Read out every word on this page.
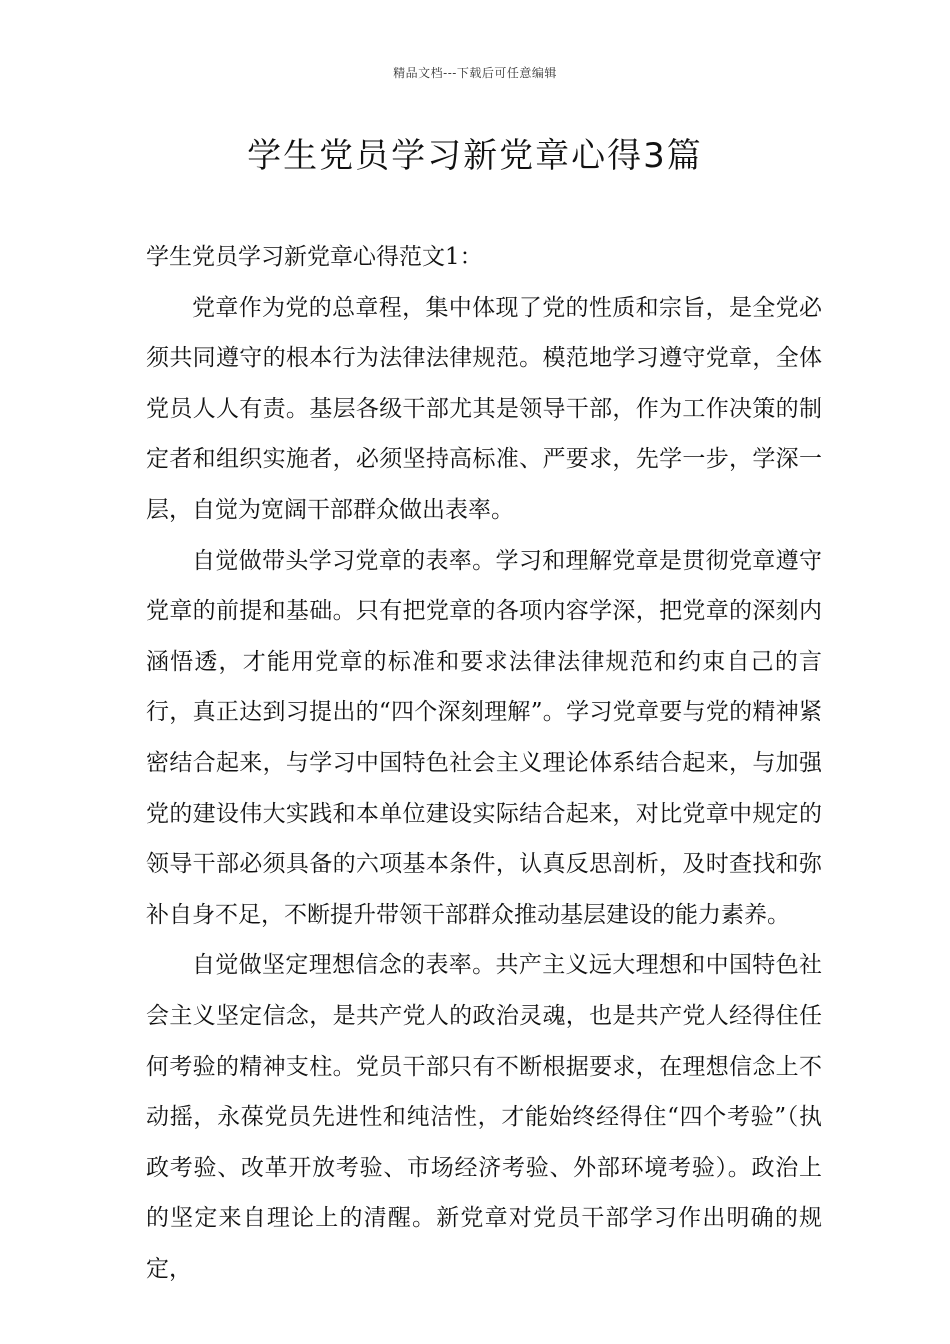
精品文档---下载后可任意编辑
学生党员学习新党章心得3篇

学生党员学习新党章心得范文1：

党章作为党的总章程，集中体现了党的性质和宗旨，是全党必须共同遵守的根本行为法律法律规范。模范地学习遵守党章，全体党员人人有责。基层各级干部尤其是领导干部，作为工作决策的制定者和组织实施者，必须坚持高标准、严要求，先学一步，学深一层，自觉为宽阔干部群众做出表率。

自觉做带头学习党章的表率。学习和理解党章是贯彻党章遵守党章的前提和基础。只有把党章的各项内容学深，把党章的深刻内涵悟透，才能用党章的标准和要求法律法律规范和约束自己的言行，真正达到习提出的“四个深刻理解”。学习党章要与党的精神紧密结合起来，与学习中国特色社会主义理论体系结合起来，与加强党的建设伟大实践和本单位建设实际结合起来，对比党章中规定的领导干部必须具备的六项基本条件，认真反思剖析，及时查找和弥补自身不足，不断提升带领干部群众推动基层建设的能力素养。

自觉做坚定理想信念的表率。共产主义远大理想和中国特色社会主义坚定信念，是共产党人的政治灵魂，也是共产党人经得住任何考验的精神支柱。党员干部只有不断根据要求，在理想信念上不动摇，永葆党员先进性和纯洁性，才能始终经得住“四个考验”（执政考验、改革开放考验、市场经济考验、外部环境考验）。政治上的坚定来自理论上的清醒。新党章对党员干部学习作出明确的规定，
